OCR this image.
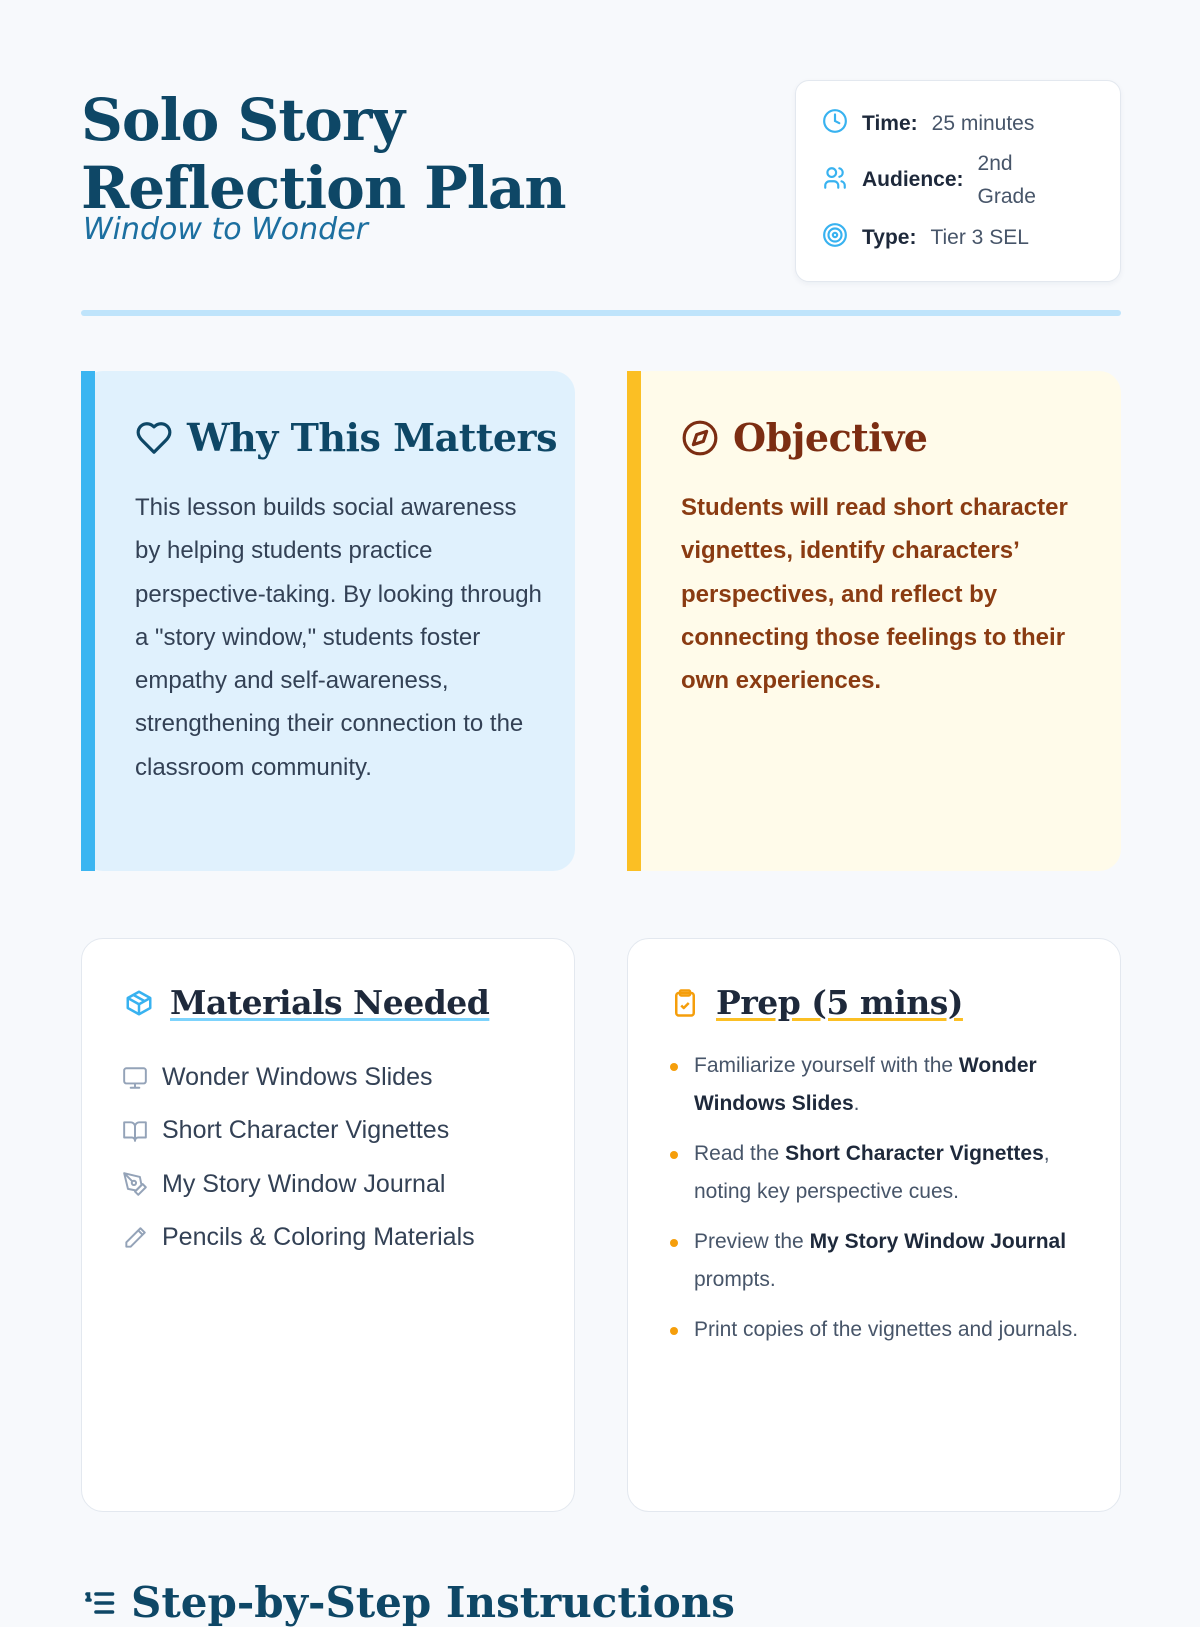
Solo Story Reflection Plan
Window to Wonder
Time: 25 minutes
Audience:
2nd Grade
Type: Tier 3 SEL
Why This Matters

This lesson builds social awareness by helping students practice perspective-taking. By looking through a "story window," students foster empathy and self-awareness, strengthening their connection to the classroom community.

Objective

Students will read short character vignettes, identify characters’ perspectives, and reflect by connecting those feelings to their own experiences.

Materials Needed
Wonder Windows Slides
Short Character Vignettes
My Story Window Journal
Pencils & Coloring Materials
Prep (5 mins)
Familiarize yourself with the Wonder Windows Slides.
Read the Short Character Vignettes, noting key perspective cues.
Preview the My Story Window Journal prompts.
Print copies of the vignettes and journals.
Step-by-Step Instructions
